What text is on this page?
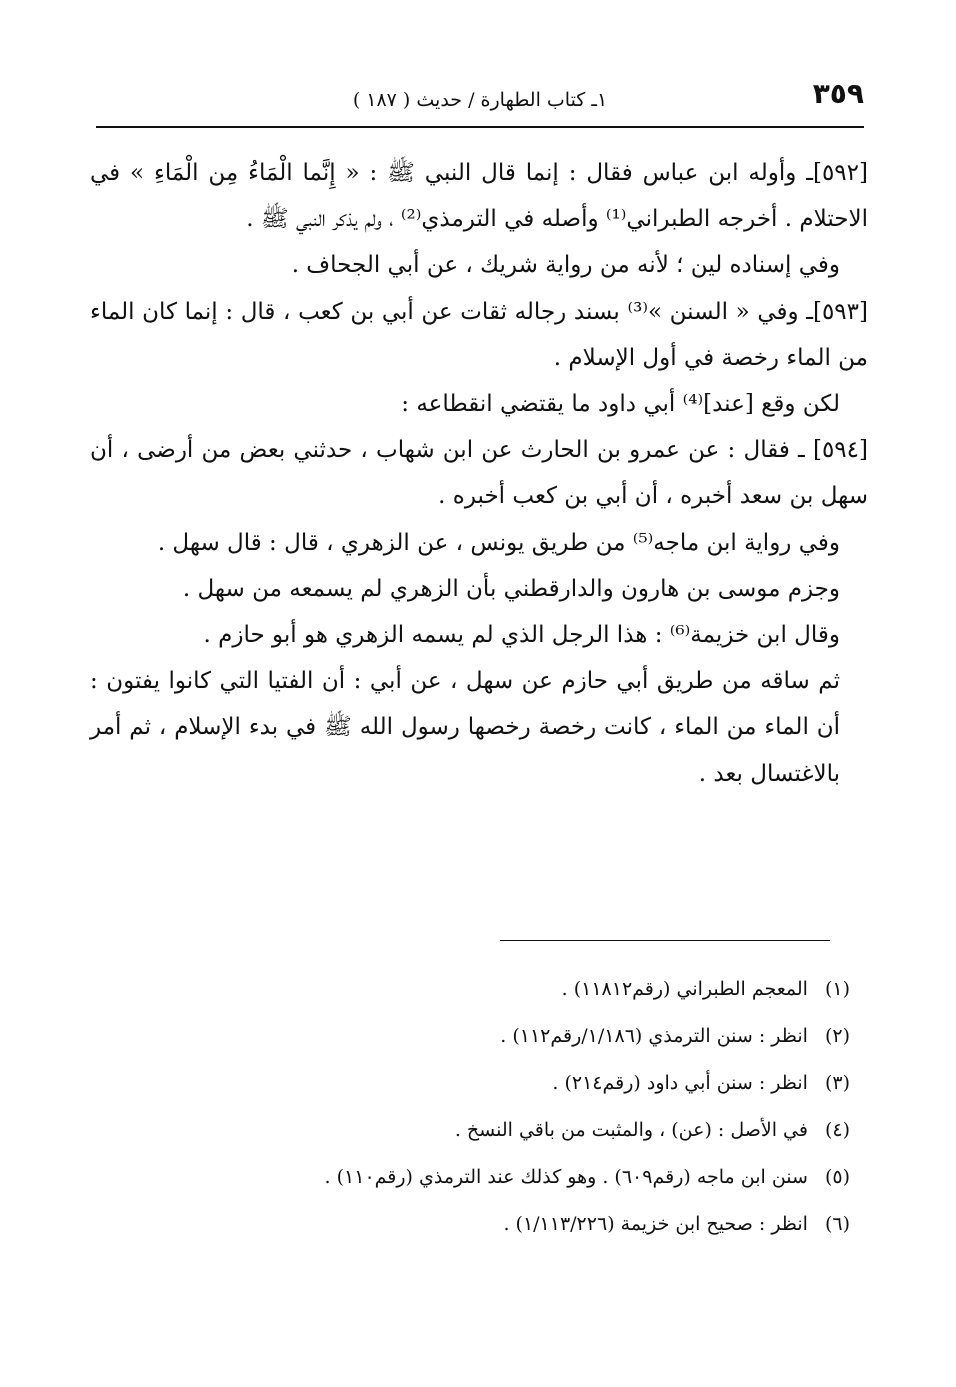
٣٥٩
١ـ كتاب الطهارة / حديث ( ١٨٧ )

[٥٩٢]ـ وأوله ابن عباس فقال : إنما قال النبي ﷺ : « إِنَّما الْمَاءُ مِن الْمَاءِ » في الاحتلام . أخرجه الطبراني⁽¹⁾ وأصله في الترمذي⁽²⁾ ، ولم يذكر النبي ﷺ .

وفي إسناده لين ؛ لأنه من رواية شريك ، عن أبي الجحاف .

[٥٩٣]ـ وفي « السنن »⁽³⁾ بسند رجاله ثقات عن أبي بن كعب ، قال : إنما كان الماء من الماء رخصة في أول الإسلام .

لكن وقع [عند]⁽⁴⁾ أبي داود ما يقتضي انقطاعه :

[٥٩٤] ـ فقال : عن عمرو بن الحارث عن ابن شهاب ، حدثني بعض من أرضى ، أن سهل بن سعد أخبره ، أن أبي بن كعب أخبره .

وفي رواية ابن ماجه⁽⁵⁾ من طريق يونس ، عن الزهري ، قال : قال سهل .

وجزم موسى بن هارون والدارقطني بأن الزهري لم يسمعه من سهل .

وقال ابن خزيمة⁽⁶⁾ : هذا الرجل الذي لم يسمه الزهري هو أبو حازم .

ثم ساقه من طريق أبي حازم عن سهل ، عن أبي : أن الفتيا التي كانوا يفتون : أن الماء من الماء ، كانت رخصة رخصها رسول الله ﷺ في بدء الإسلام ، ثم أمر بالاغتسال بعد .

(١) المعجم الطبراني (رقم١١٨١٢) .

(٢) انظر : سنن الترمذي (١/١٨٦/رقم١١٢) .

(٣) انظر : سنن أبي داود (رقم٢١٤) .

(٤) في الأصل : (عن) ، والمثبت من باقي النسخ .

(٥) سنن ابن ماجه (رقم٦٠٩) . وهو كذلك عند الترمذي (رقم١١٠) .

(٦) انظر : صحيح ابن خزيمة (١/١١٣/٢٢٦) .
